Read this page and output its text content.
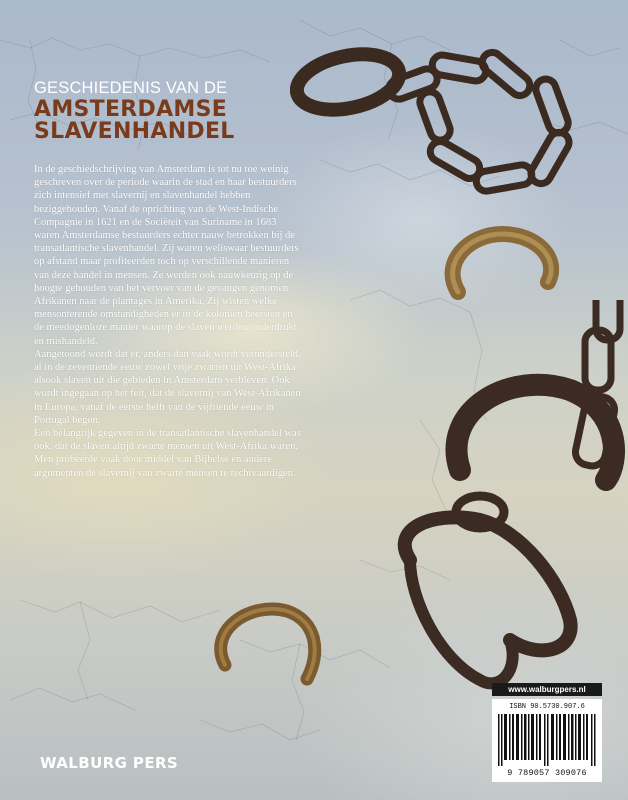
GESCHIEDENIS VAN DE
AMSTERDAMSE
SLAVENHANDEL

In de geschiedschrijving van Amsterdam is tot nu toe weinig geschreven over de periode waarin de stad en haar bestuurders zich intensief met slavernij en slavenhandel hebben beziggehouden. Vanaf de oprichting van de West-Indische Compagnie in 1621 en de Sociëteit van Suriname in 1683 waren Amsterdamse bestuurders echter nauw betrokken bij de transatlantische slavenhandel. Zij waren weliswaar bestuurders op afstand maar profiteerden toch op verschillende manieren van deze handel in mensen. Ze werden ook nauwkeurig op de hoogte gehouden van het vervoer van de gevangen genomen Afrikanen naar de plantages in Amerika. Zij wisten welke mensonterende omstandigheden er in de koloniën heersten en de meedogenloze manier waarop de slaven werden onderdrukt en mishandeld.

Aangetoond wordt dat er, anders dan vaak wordt verondersteld, al in de zeventiende eeuw zowel vrije zwarten uit West-Afrika alsook slaven uit die gebieden in Amsterdam verbleven. Ook wordt ingegaan op het feit, dat de slavernij van West-Afrikanen in Europa, vanaf de eerste helft van de vijftiende eeuw in Portugal begon.

Een belangrijk gegeven in de transatlantische slavenhandel was ook, dat de slaven altijd zwarte mensen uit West-Afrika waren. Men probeerde vaak door middel van Bijbelse en andere argumenten de slavernij van zwarte mensen te rechtvaardigen.

WALBURG PERS
www.walburgpers.nl
ISBN 90.5730.907.6
9 789057 309076
